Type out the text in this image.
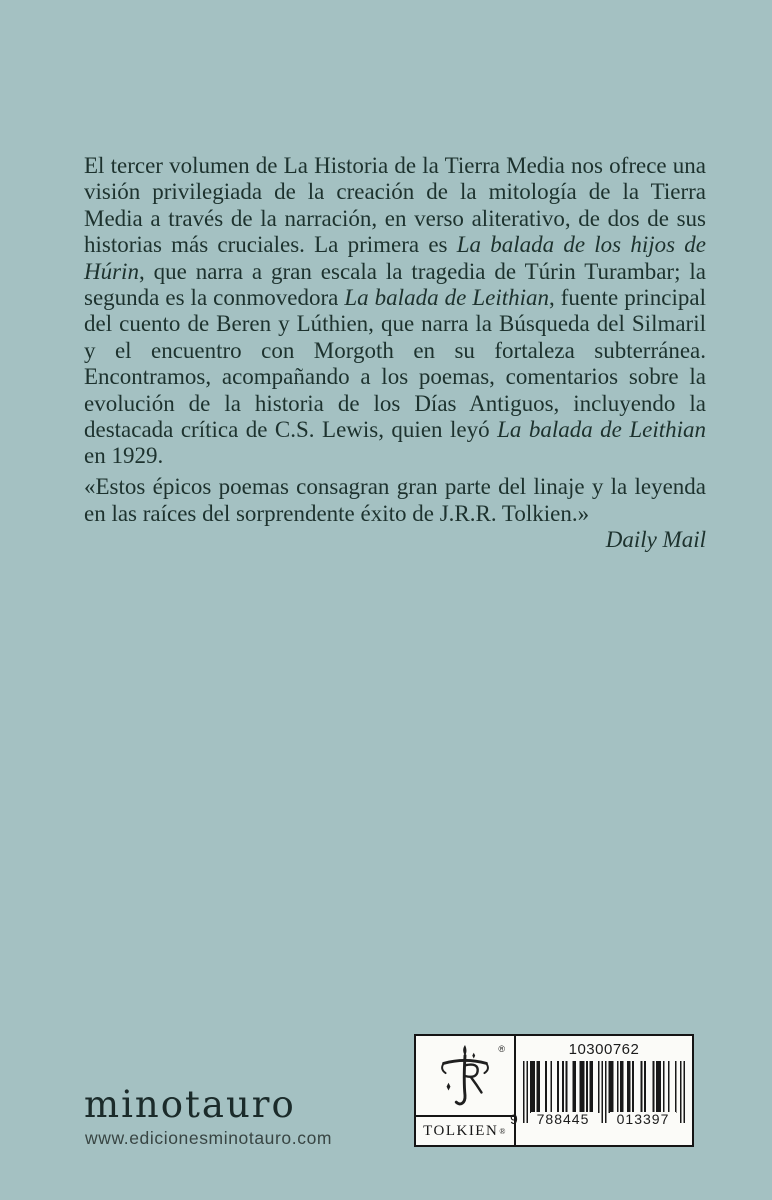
El tercer volumen de La Historia de la Tierra Media nos ofrece una visión privilegiada de la creación de la mitología de la Tierra Media a través de la narración, en verso aliterativo, de dos de sus historias más cruciales. La primera es La balada de los hijos de Húrin, que narra a gran escala la tragedia de Túrin Turambar; la segunda es la conmovedora La balada de Leithian, fuente principal del cuento de Beren y Lúthien, que narra la Búsqueda del Silmaril y el encuentro con Morgoth en su fortaleza subterránea. Encontramos, acompañando a los poemas, comentarios sobre la evolución de la historia de los Días Antiguos, incluyendo la destacada crítica de C.S. Lewis, quien leyó La balada de Leithian en 1929.

«Estos épicos poemas consagran gran parte del linaje y la leyenda en las raíces del sorprendente éxito de J.R.R. Tolkien.»

Daily Mail

minotauro
www.edicionesminotauro.com
®
TOLKIEN ®
10300762
9	788445	013397
